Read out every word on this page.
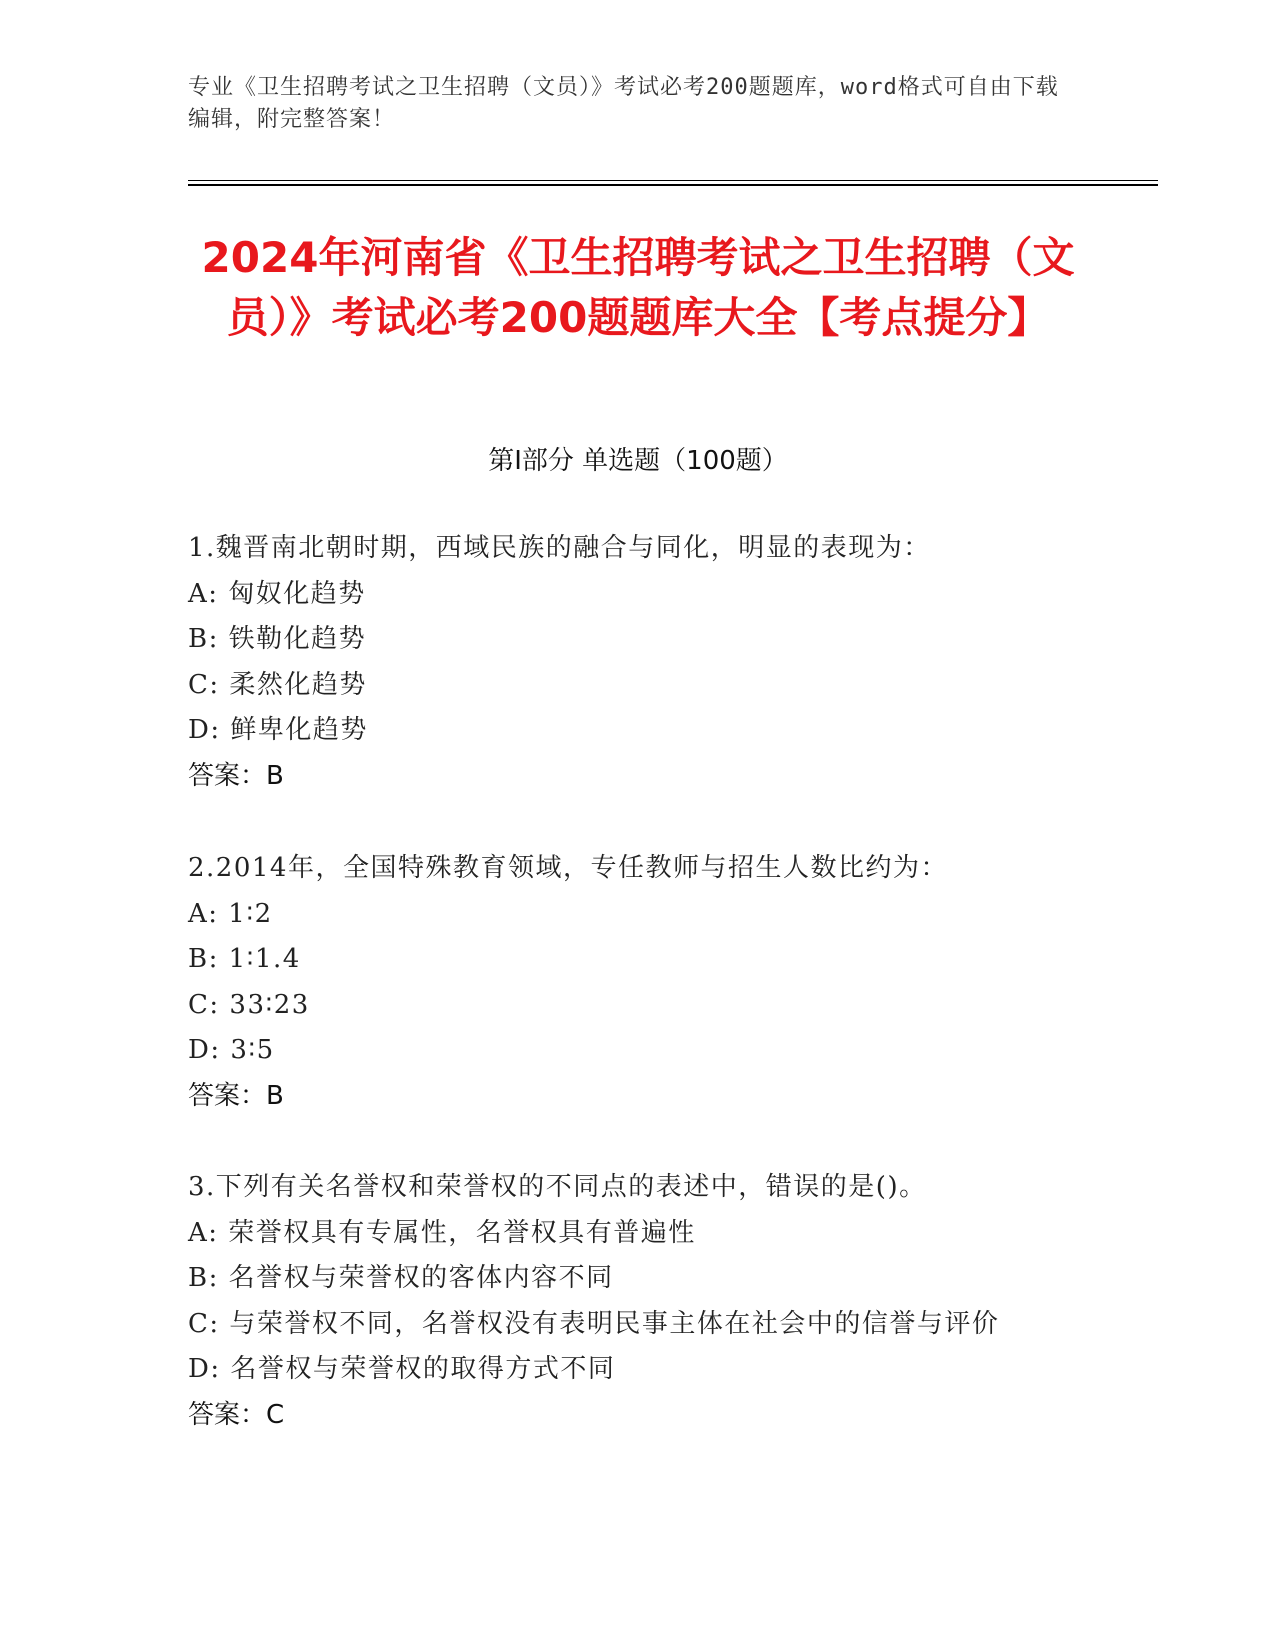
专业《卫生招聘考试之卫生招聘（文员）》考试必考200题题库，word格式可自由下载编辑，附完整答案！
2024年河南省《卫生招聘考试之卫生招聘（文员）》考试必考200题题库大全【考点提分】
第I部分 单选题（100题）
1.魏晋南北朝时期，西域民族的融合与同化，明显的表现为：
A: 匈奴化趋势
B: 铁勒化趋势
C: 柔然化趋势
D: 鲜卑化趋势
答案：B
2.2014年，全国特殊教育领域，专任教师与招生人数比约为：
A: 1∶2
B: 1∶1.4
C: 33∶23
D: 3∶5
答案：B
3.下列有关名誉权和荣誉权的不同点的表述中，错误的是()。
A: 荣誉权具有专属性，名誉权具有普遍性
B: 名誉权与荣誉权的客体内容不同
C: 与荣誉权不同，名誉权没有表明民事主体在社会中的信誉与评价
D: 名誉权与荣誉权的取得方式不同
答案：C
